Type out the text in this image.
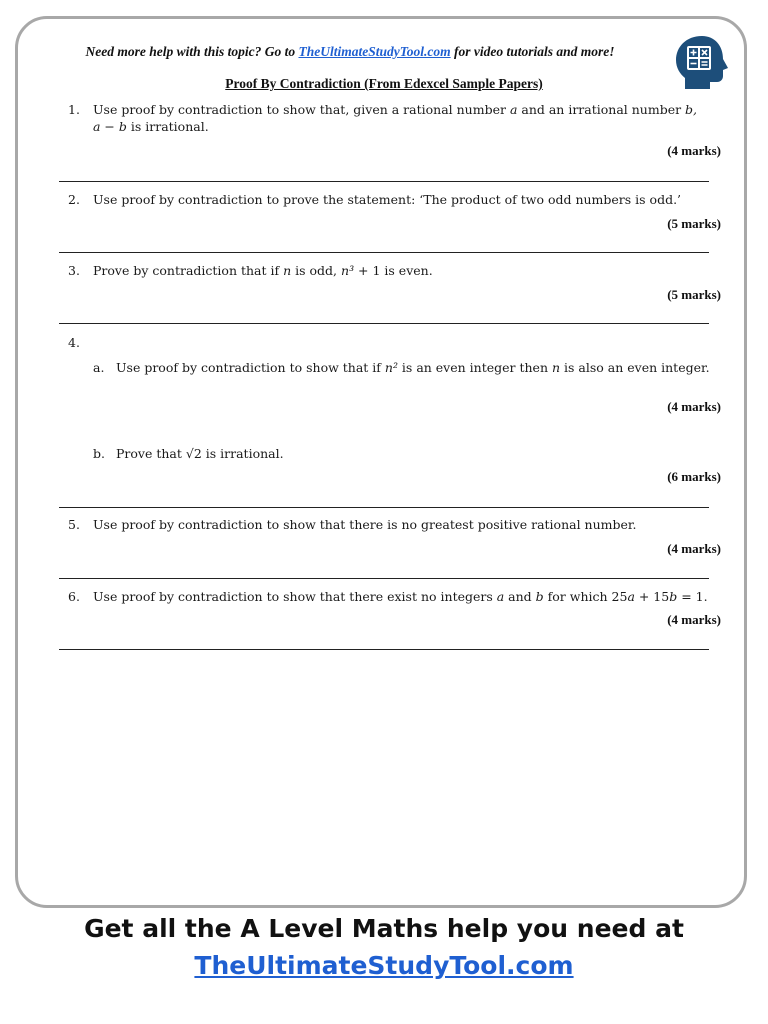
Need more help with this topic? Go to TheUltimateStudyTool.com for video tutorials and more!
Proof By Contradiction (From Edexcel Sample Papers)
1. Use proof by contradiction to show that, given a rational number a and an irrational number b,
a − b is irrational.
(4 marks)
2. Use proof by contradiction to prove the statement: ‘The product of two odd numbers is odd.’
(5 marks)
3. Prove by contradiction that if n is odd, n³ + 1 is even.
(5 marks)
4.
a. Use proof by contradiction to show that if n² is an even integer then n is also an even integer.
(4 marks)
b. Prove that √2 is irrational.
(6 marks)
5. Use proof by contradiction to show that there is no greatest positive rational number.
(4 marks)
6. Use proof by contradiction to show that there exist no integers a and b for which 25a + 15b = 1.
(4 marks)
Get all the A Level Maths help you need at
TheUltimateStudyTool.com
